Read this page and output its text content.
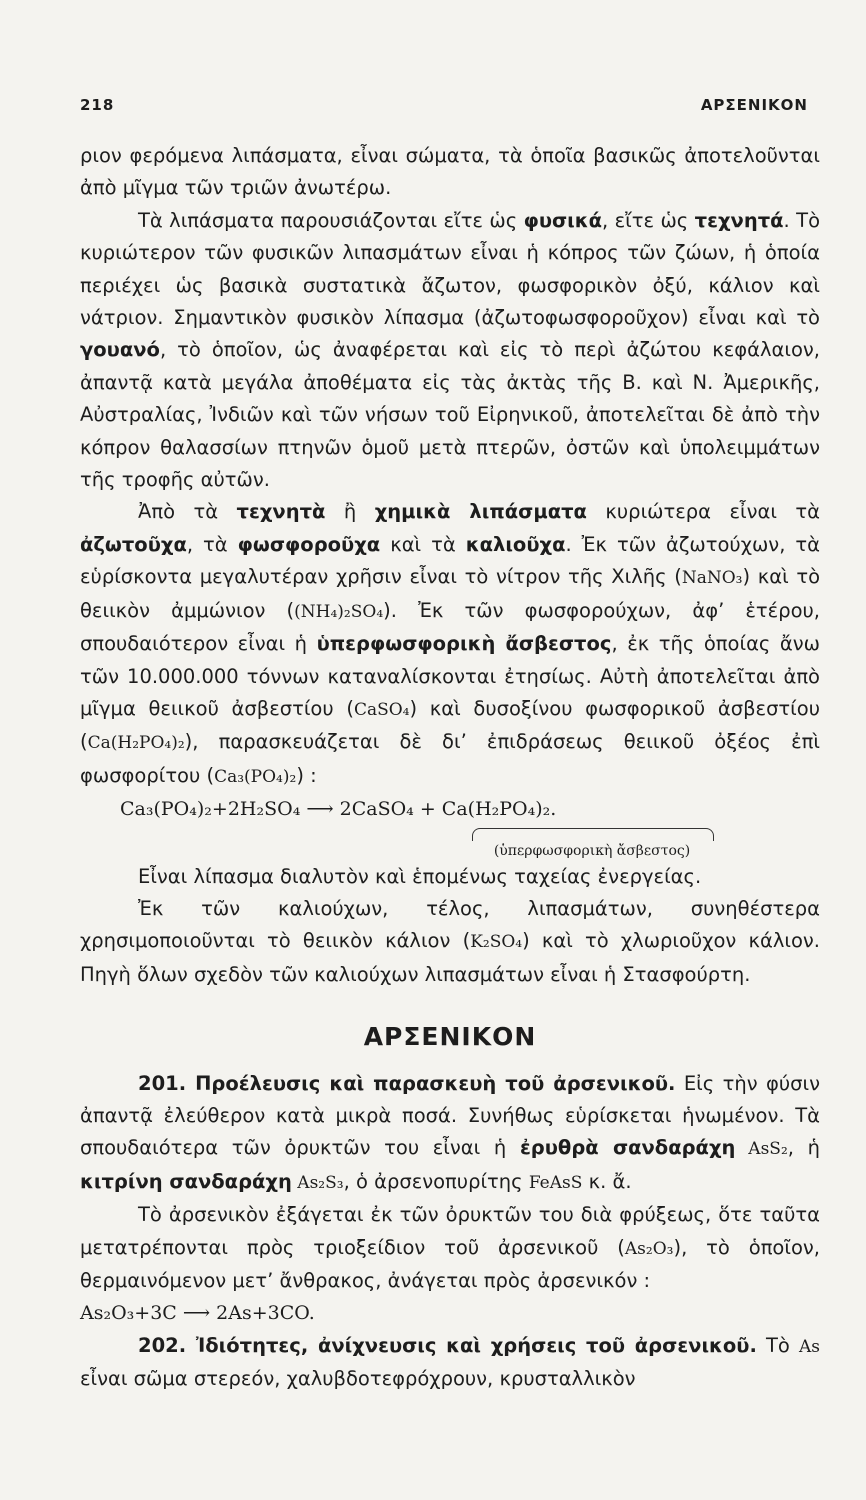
218	ΑΡΣΕΝΙΚΟΝ

ριον φερόμενα λιπάσματα, εἶναι σώματα, τὰ ὁποῖα βασικῶς ἀποτελοῦνται ἀπὸ μῖγμα τῶν τριῶν ἀνωτέρω.

Τὰ λιπάσματα παρουσιάζονται εἴτε ὡς φυσικά, εἴτε ὡς τεχνητά. Τὸ κυριώτερον τῶν φυσικῶν λιπασμάτων εἶναι ἡ κόπρος τῶν ζώων, ἡ ὁποία περιέχει ὡς βασικὰ συστατικὰ ἄζωτον, φωσφορικὸν ὀξύ, κάλιον καὶ νάτριον. Σημαντικὸν φυσικὸν λίπασμα (ἀζωτοφωσφοροῦχον) εἶναι καὶ τὸ γουανό, τὸ ὁποῖον, ὡς ἀναφέρεται καὶ εἰς τὸ περὶ ἀζώτου κεφάλαιον, ἀπαντᾷ κατὰ μεγάλα ἀποθέματα εἰς τὰς ἀκτὰς τῆς Β. καὶ Ν. Ἀμερικῆς, Αὐστραλίας, Ἰνδιῶν καὶ τῶν νήσων τοῦ Εἰρηνικοῦ, ἀποτελεῖται δὲ ἀπὸ τὴν κόπρον θαλασσίων πτηνῶν ὁμοῦ μετὰ πτερῶν, ὀστῶν καὶ ὑπολειμμάτων τῆς τροφῆς αὐτῶν.

Ἀπὸ τὰ τεχνητὰ ἢ χημικὰ λιπάσματα κυριώτερα εἶναι τὰ ἀζωτοῦχα, τὰ φωσφοροῦχα καὶ τὰ καλιοῦχα. Ἐκ τῶν ἀζωτούχων, τὰ εὑρίσκοντα μεγαλυτέραν χρῆσιν εἶναι τὸ νίτρον τῆς Χιλῆς (NaNO₃) καὶ τὸ θειικὸν ἀμμώνιον ((NH₄)₂SO₄). Ἐκ τῶν φωσφορούχων, ἀφ’ ἑτέρου, σπουδαιότερον εἶναι ἡ ὑπερφωσφορικὴ ἄσβεστος, ἐκ τῆς ὁποίας ἄνω τῶν 10.000.000 τόννων καταναλίσκονται ἐτησίως. Αὐτὴ ἀποτελεῖται ἀπὸ μῖγμα θειικοῦ ἀσβεστίου (CaSO₄) καὶ δυσοξίνου φωσφορικοῦ ἀσβεστίου (Ca(H₂PO₄)₂), παρασκευάζεται δὲ δι’ ἐπιδράσεως θειικοῦ ὀξέος ἐπὶ φωσφορίτου (Ca₃(PO₄)₂) :

Ca₃(PO₄)₂+2H₂SO₄ ⟶ 2CaSO₄ + Ca(H₂PO₄)₂.

(ὑπερφωσφορικὴ ἄσβεστος)

Εἶναι λίπασμα διαλυτὸν καὶ ἑπομένως ταχείας ἐνεργείας.

Ἐκ τῶν καλιούχων, τέλος, λιπασμάτων, συνηθέστερα χρησιμοποιοῦνται τὸ θειικὸν κάλιον (K₂SO₄) καὶ τὸ χλωριοῦχον κάλιον. Πηγὴ ὅλων σχεδὸν τῶν καλιούχων λιπασμάτων εἶναι ἡ Στασφούρτη.

ΑΡΣΕΝΙΚΟΝ

201. Προέλευσις καὶ παρασκευὴ τοῦ ἀρσενικοῦ. Εἰς τὴν φύσιν ἀπαντᾷ ἐλεύθερον κατὰ μικρὰ ποσά. Συνήθως εὑρίσκεται ἡνωμένον. Τὰ σπουδαιότερα τῶν ὀρυκτῶν του εἶναι ἡ ἐρυθρὰ σανδαράχη AsS₂, ἡ κιτρίνη σανδαράχη As₂S₃, ὁ ἀρσενοπυρίτης FeAsS κ. ἄ.

Τὸ ἀρσενικὸν ἐξάγεται ἐκ τῶν ὀρυκτῶν του διὰ φρύξεως, ὅτε ταῦτα μετατρέπονται πρὸς τριοξείδιον τοῦ ἀρσενικοῦ (As₂O₃), τὸ ὁποῖον, θερμαινόμενον μετ’ ἄνθρακος, ἀνάγεται πρὸς ἀρσενικόν :

As₂O₃+3C ⟶ 2As+3CO.

202. Ἰδιότητες, ἀνίχνευσις καὶ χρήσεις τοῦ ἀρσενικοῦ. Τὸ As εἶναι σῶμα στερεόν, χαλυβδοτεφρόχρουν, κρυσταλλικὸν
